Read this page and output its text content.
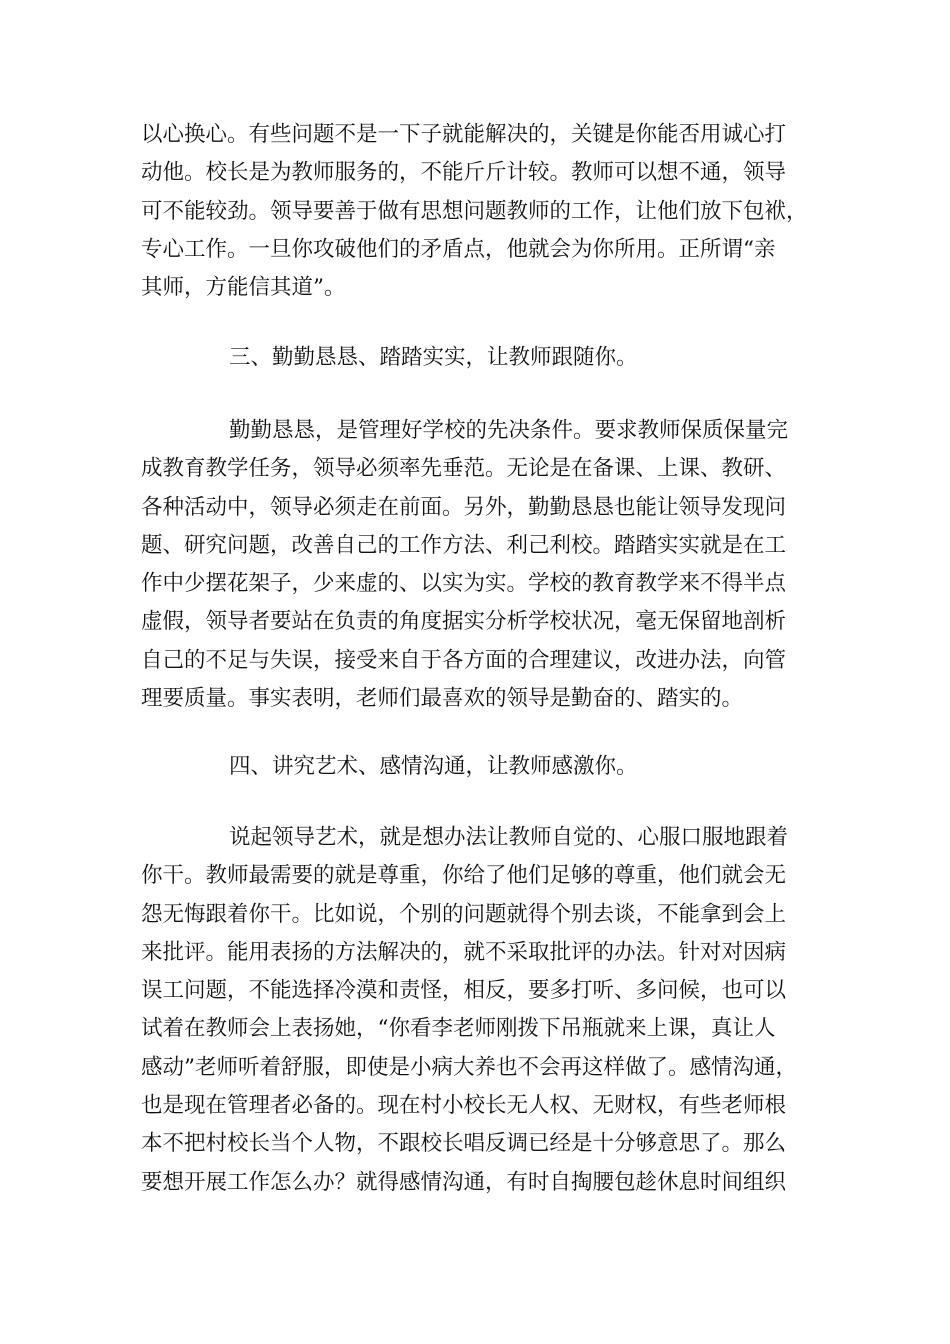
以心换心。有些问题不是一下子就能解决的，关键是你能否用诚心打
动他。校长是为教师服务的，不能斤斤计较。教师可以想不通，领导
可不能较劲。领导要善于做有思想问题教师的工作，让他们放下包袱，
专心工作。一旦你攻破他们的矛盾点，他就会为你所用。正所谓“亲
其师，方能信其道”。
三、勤勤恳恳、踏踏实实，让教师跟随你。
勤勤恳恳，是管理好学校的先决条件。要求教师保质保量完
成教育教学任务，领导必须率先垂范。无论是在备课、上课、教研、
各种活动中，领导必须走在前面。另外，勤勤恳恳也能让领导发现问
题、研究问题，改善自己的工作方法、利己利校。踏踏实实就是在工
作中少摆花架子，少来虚的、以实为实。学校的教育教学来不得半点
虚假，领导者要站在负责的角度据实分析学校状况，毫无保留地剖析
自己的不足与失误，接受来自于各方面的合理建议，改进办法，向管
理要质量。事实表明，老师们最喜欢的领导是勤奋的、踏实的。
四、讲究艺术、感情沟通，让教师感激你。
说起领导艺术，就是想办法让教师自觉的、心服口服地跟着
你干。教师最需要的就是尊重，你给了他们足够的尊重，他们就会无
怨无悔跟着你干。比如说，个别的问题就得个别去谈，不能拿到会上
来批评。能用表扬的方法解决的，就不采取批评的办法。针对对因病
误工问题，不能选择冷漠和责怪，相反，要多打听、多问候，也可以
试着在教师会上表扬她，“你看李老师刚拨下吊瓶就来上课，真让人
感动”老师听着舒服，即使是小病大养也不会再这样做了。感情沟通，
也是现在管理者必备的。现在村小校长无人权、无财权，有些老师根
本不把村校长当个人物，不跟校长唱反调已经是十分够意思了。那么
要想开展工作怎么办？就得感情沟通，有时自掏腰包趁休息时间组织
